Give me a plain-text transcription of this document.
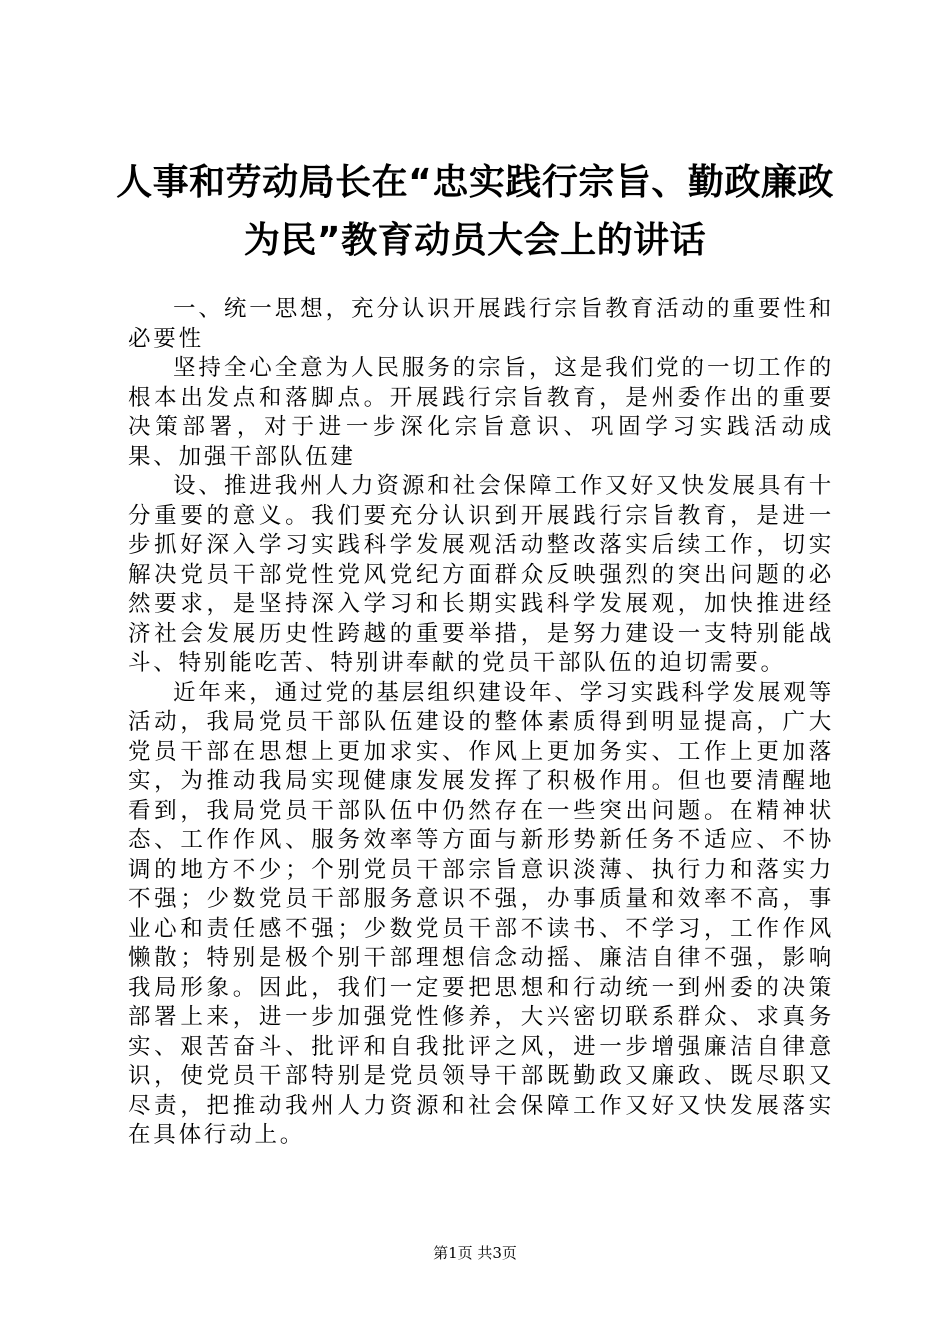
人事和劳动局长在“忠实践行宗旨、勤政廉政为民”教育动员大会上的讲话

一、统一思想，充分认识开展践行宗旨教育活动的重要性和必要性

坚持全心全意为人民服务的宗旨，这是我们党的一切工作的根本出发点和落脚点。开展践行宗旨教育，是州委作出的重要决策部署，对于进一步深化宗旨意识、巩固学习实践活动成果、加强干部队伍建

设、推进我州人力资源和社会保障工作又好又快发展具有十分重要的意义。我们要充分认识到开展践行宗旨教育，是进一步抓好深入学习实践科学发展观活动整改落实后续工作，切实解决党员干部党性党风党纪方面群众反映强烈的突出问题的必然要求，是坚持深入学习和长期实践科学发展观，加快推进经济社会发展历史性跨越的重要举措，是努力建设一支特别能战斗、特别能吃苦、特别讲奉献的党员干部队伍的迫切需要。

近年来，通过党的基层组织建设年、学习实践科学发展观等活动，我局党员干部队伍建设的整体素质得到明显提高，广大党员干部在思想上更加求实、作风上更加务实、工作上更加落实，为推动我局实现健康发展发挥了积极作用。但也要清醒地看到，我局党员干部队伍中仍然存在一些突出问题。在精神状态、工作作风、服务效率等方面与新形势新任务不适应、不协调的地方不少；个别党员干部宗旨意识淡薄、执行力和落实力不强；少数党员干部服务意识不强，办事质量和效率不高，事业心和责任感不强；少数党员干部不读书、不学习，工作作风懒散；特别是极个别干部理想信念动摇、廉洁自律不强，影响我局形象。因此，我们一定要把思想和行动统一到州委的决策部署上来，进一步加强党性修养，大兴密切联系群众、求真务实、艰苦奋斗、批评和自我批评之风，进一步增强廉洁自律意识，使党员干部特别是党员领导干部既勤政又廉政、既尽职又尽责，把推动我州人力资源和社会保障工作又好又快发展落实在具体行动上。

第1页 共3页
